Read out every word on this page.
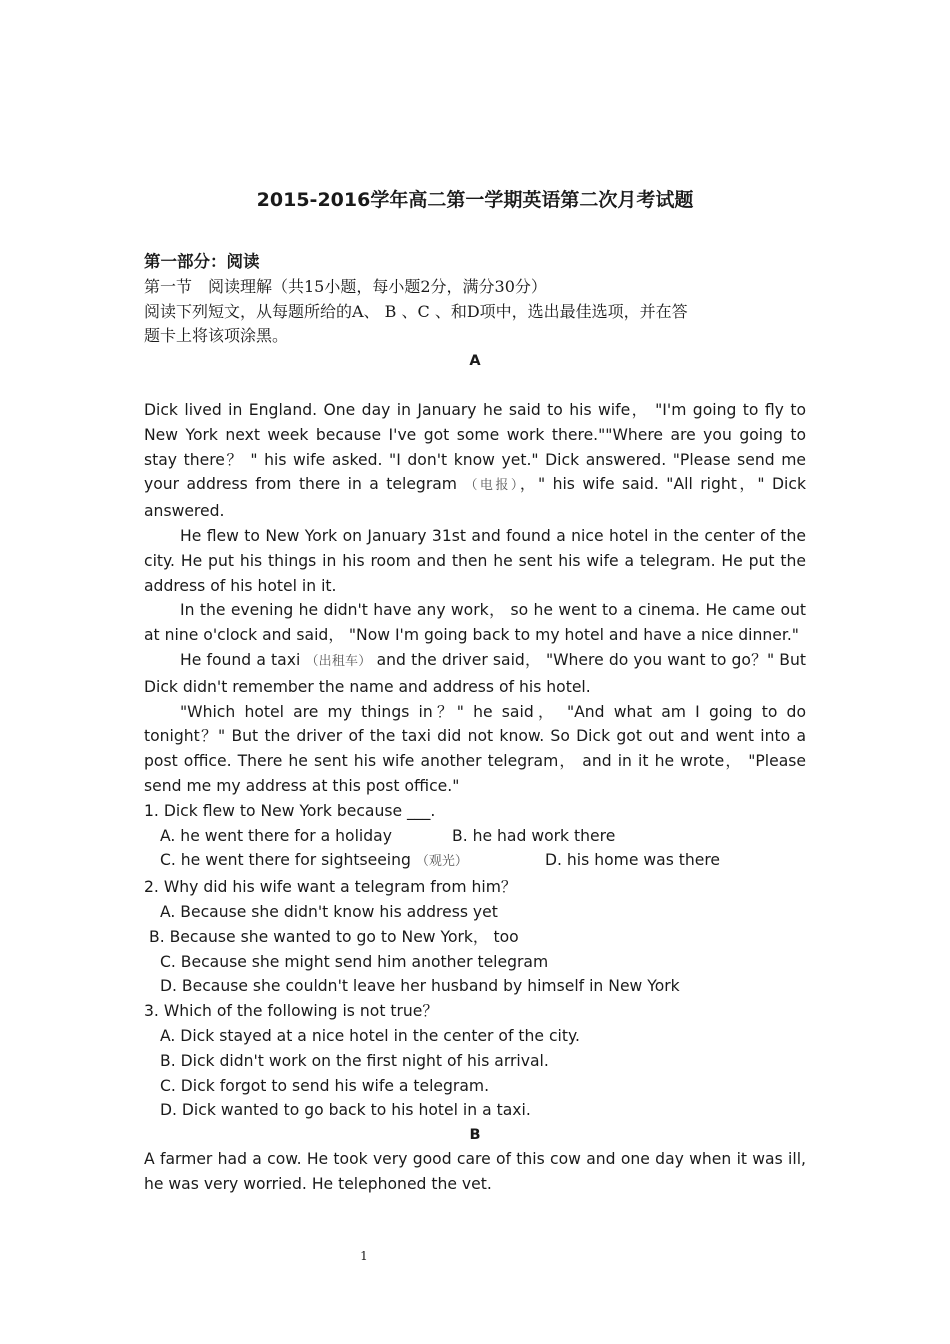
2015-2016学年高二第一学期英语第二次月考试题
第一部分：阅读
第一节　阅读理解（共15小题，每小题2分，满分30分）
阅读下列短文，从每题所给的A、 B 、C 、和D项中，选出最佳选项，并在答
题卡上将该项涂黑。
A

Dick lived in England. One day in January he said to his wife， "I'm going to fly to New York next week because I've got some work there.""Where are you going to stay there？ " his wife asked. "I don't know yet." Dick answered. "Please send me your address from there in a telegram （电报），" his wife said. "All right，" Dick answered.

He flew to New York on January 31st and found a nice hotel in the center of the city. He put his things in his room and then he sent his wife a telegram. He put the address of his hotel in it.

In the evening he didn't have any work， so he went to a cinema. He came out at nine o'clock and said， "Now I'm going back to my hotel and have a nice dinner."

He found a taxi （出租车） and the driver said， "Where do you want to go？" But Dick didn't remember the name and address of his hotel.

"Which hotel are my things in？" he said， "And what am I going to do tonight？" But the driver of the taxi did not know. So Dick got out and went into a post office. There he sent his wife another telegram， and in it he wrote， "Please send me my address at this post office."

1. Dick flew to New York because ___.
A. he went there for a holiday	B. he had work there
C. he went there for sightseeing （观光）	D. his home was there
2. Why did his wife want a telegram from him？
A. Because she didn't know his address yet
B. Because she wanted to go to New York， too
C. Because she might send him another telegram
D. Because she couldn't leave her husband by himself in New York
3. Which of the following is not true？
A. Dick stayed at a nice hotel in the center of the city.
B. Dick didn't work on the first night of his arrival.
C. Dick forgot to send his wife a telegram.
D. Dick wanted to go back to his hotel in a taxi.
B

A farmer had a cow. He took very good care of this cow and one day when it was ill, he was very worried. He telephoned the vet.

1
